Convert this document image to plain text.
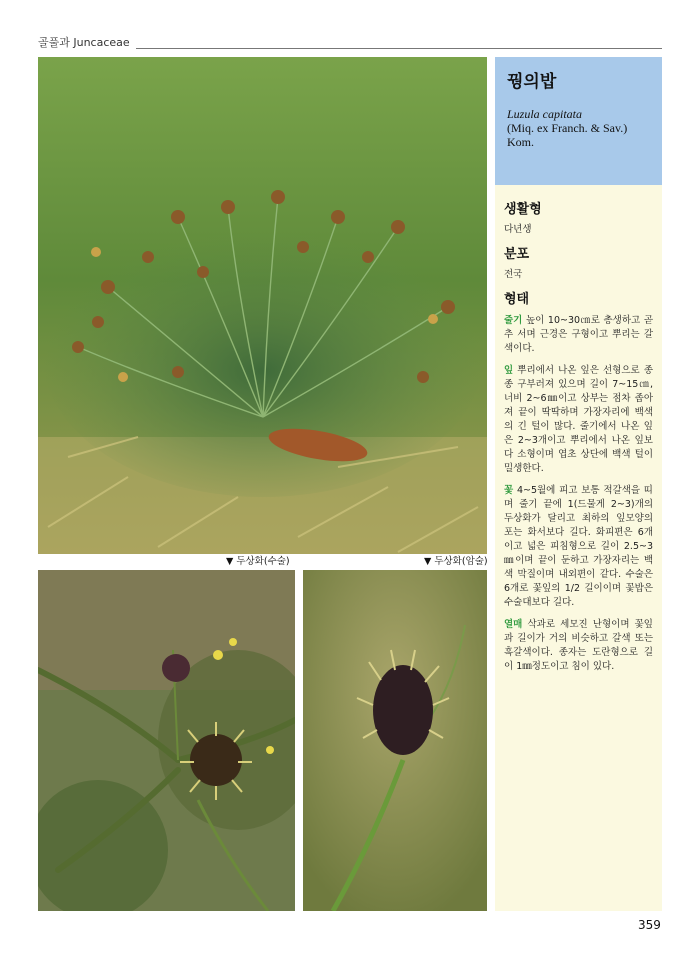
골풀과 Juncaceae
▼ 두상화(수술)	▼ 두상화(암술)
꿩의밥
Luzula capitata
(Miq. ex Franch. & Sav.)
Kom.
생활형
다년생
분포
전국
형태

줄기 높이 10~30㎝로 총생하고 곧추 서며 근경은 구형이고 뿌리는 갈색이다.

잎 뿌리에서 나온 잎은 선형으로 종종 구부러져 있으며 길이 7~15㎝, 너비 2~6㎜이고 상부는 점차 좁아져 끝이 딱딱하며 가장자리에 백색의 긴 털이 많다. 줄기에서 나온 잎은 2~3개이고 뿌리에서 나온 잎보다 소형이며 엽초 상단에 백색 털이 밀생한다.

꽃 4~5월에 피고 보통 적갈색을 띠며 줄기 끝에 1(드물게 2~3)개의 두상화가 달리고 최하의 잎모양의 포는 화서보다 길다. 화피편은 6개이고 넓은 피침형으로 길이 2.5~3㎜이며 끝이 둔하고 가장자리는 백색 막질이며 내외편이 같다. 수술은 6개로 꽃잎의 1/2 길이이며 꽃밥은 수술대보다 길다.

열매 삭과로 세모진 난형이며 꽃잎과 길이가 거의 비슷하고 갈색 또는 흑갈색이다. 종자는 도란형으로 길이 1㎜정도이고 침이 있다.

359
